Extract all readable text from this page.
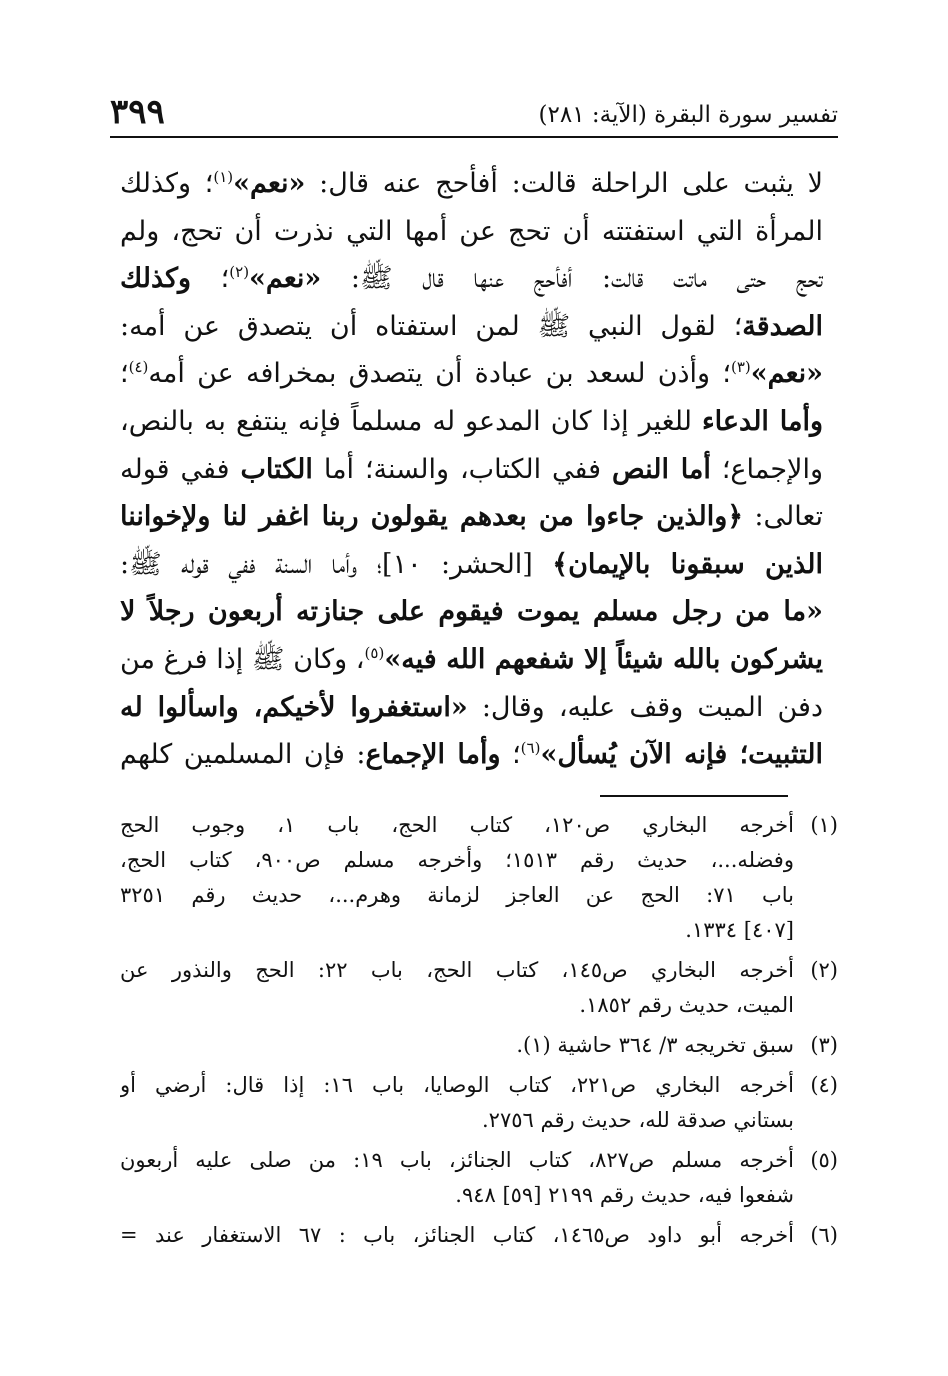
تفسير سورة البقرة (الآية: ٢٨١)
٣٩٩
لا يثبت على الراحلة قالت: أفأحج عنه قال: «نعم»$^{(١)}$؛ وكذلك
المرأة التي استفتته أن تحج عن أمها التي نذرت أن تحج، ولم
تحج حتى ماتت قالت: أفأحج عنها قال ﷺ: «نعم»$^{(٢)}$؛ وكذلك
الصدقة؛ لقول النبي ﷺ لمن استفتاه أن يتصدق عن أمه:
«نعم»$^{(٣)}$؛ وأذن لسعد بن عبادة أن يتصدق بمخرافه عن أمه$^{(٤)}$؛
وأما الدعاء للغير إذا كان المدعو له مسلماً فإنه ينتفع به بالنص،
والإجماع؛ أما النص ففي الكتاب، والسنة؛ أما الكتاب ففي قوله
تعالى: ﴿والذين جاءوا من بعدهم يقولون ربنا اغفر لنا ولإخواننا
الذين سبقونا بالإيمان﴾ [الحشر: ١٠]؛ وأما السنة ففي قوله ﷺ:
«ما من رجل مسلم يموت فيقوم على جنازته أربعون رجلاً لا
يشركون بالله شيئاً إلا شفعهم الله فيه»$^{(٥)}$، وكان ﷺ إذا فرغ من
دفن الميت وقف عليه، وقال: «استغفروا لأخيكم، واسألوا له
التثبيت؛ فإنه الآن يُسأل»$^{(٦)}$؛ وأما الإجماع: فإن المسلمين كلهم
(١)
أخرجه البخاري ص١٢٠، كتاب الحج، باب ١، وجوب الحج
وفضله...، حديث رقم ١٥١٣؛ وأخرجه مسلم ص٩٠٠، كتاب الحج،
باب ٧١: الحج عن العاجز لزمانة وهرم...، حديث رقم ٣٢٥١
[٤٠٧] ١٣٣٤.
(٢)
أخرجه البخاري ص١٤٥، كتاب الحج، باب ٢٢: الحج والنذور عن
الميت، حديث رقم ١٨٥٢.
(٣)
سبق تخريجه ٣/ ٣٦٤ حاشية (١).
(٤)
أخرجه البخاري ص٢٢١، كتاب الوصايا، باب ١٦: إذا قال: أرضي أو
بستاني صدقة لله، حديث رقم ٢٧٥٦.
(٥)
أخرجه مسلم ص٨٢٧، كتاب الجنائز، باب ١٩: من صلى عليه أربعون
شفعوا فيه، حديث رقم ٢١٩٩ [٥٩] ٩٤٨.
(٦)
أخرجه أبو داود ص١٤٦٥، كتاب الجنائز، باب : ٦٧ الاستغفار عند =
